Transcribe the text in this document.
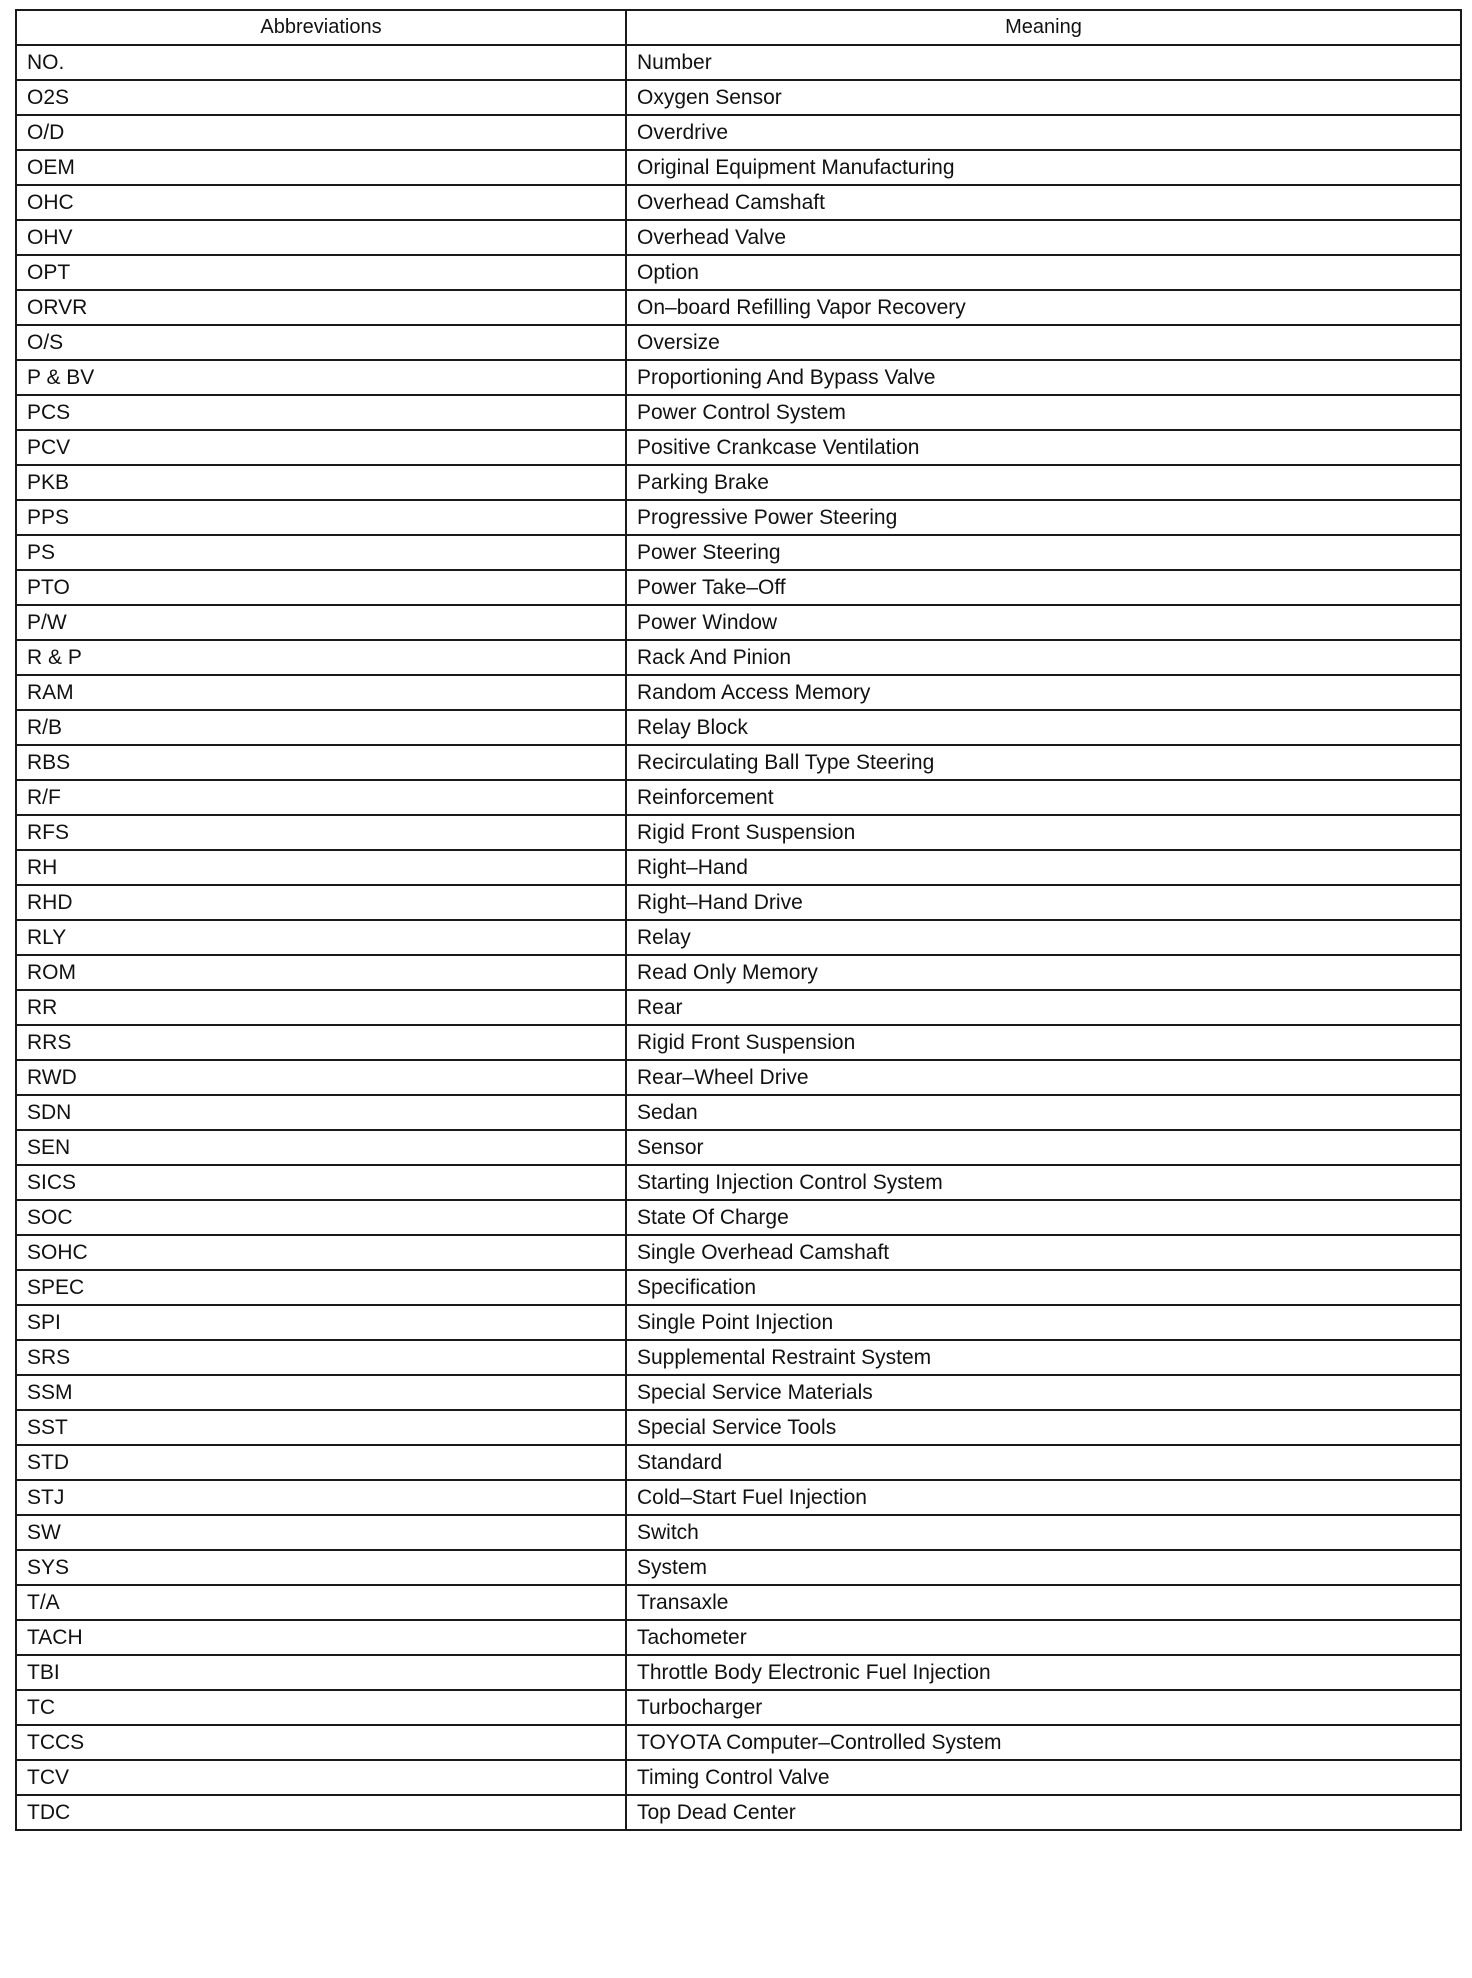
Abbreviations	Meaning
NO.	Number
O2S	Oxygen Sensor
O/D	Overdrive
OEM	Original Equipment Manufacturing
OHC	Overhead Camshaft
OHV	Overhead Valve
OPT	Option
ORVR	On–board Refilling Vapor Recovery
O/S	Oversize
P & BV	Proportioning And Bypass Valve
PCS	Power Control System
PCV	Positive Crankcase Ventilation
PKB	Parking Brake
PPS	Progressive Power Steering
PS	Power Steering
PTO	Power Take–Off
P/W	Power Window
R & P	Rack And Pinion
RAM	Random Access Memory
R/B	Relay Block
RBS	Recirculating Ball Type Steering
R/F	Reinforcement
RFS	Rigid Front Suspension
RH	Right–Hand
RHD	Right–Hand Drive
RLY	Relay
ROM	Read Only Memory
RR	Rear
RRS	Rigid Front Suspension
RWD	Rear–Wheel Drive
SDN	Sedan
SEN	Sensor
SICS	Starting Injection Control System
SOC	State Of Charge
SOHC	Single Overhead Camshaft
SPEC	Specification
SPI	Single Point Injection
SRS	Supplemental Restraint System
SSM	Special Service Materials
SST	Special Service Tools
STD	Standard
STJ	Cold–Start Fuel Injection
SW	Switch
SYS	System
T/A	Transaxle
TACH	Tachometer
TBI	Throttle Body Electronic Fuel Injection
TC	Turbocharger
TCCS	TOYOTA Computer–Controlled System
TCV	Timing Control Valve
TDC	Top Dead Center
